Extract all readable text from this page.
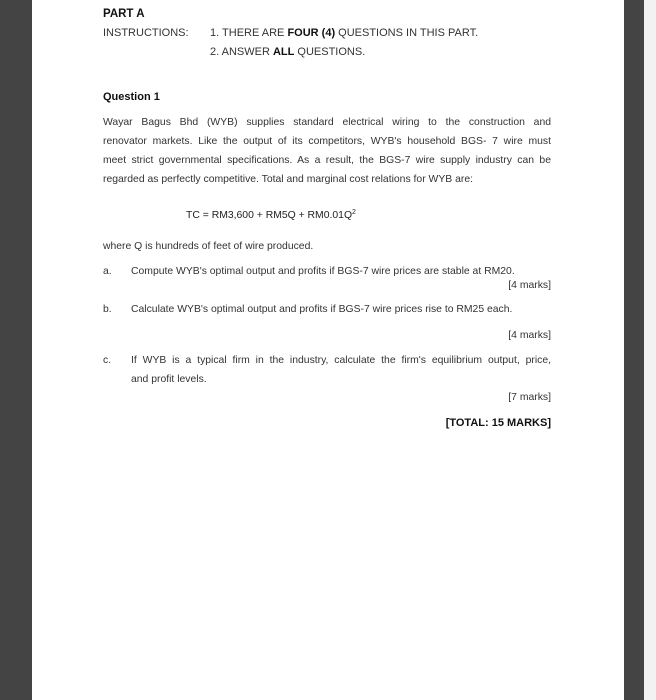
PART A
INSTRUCTIONS: 1. THERE ARE FOUR (4) QUESTIONS IN THIS PART.
2. ANSWER ALL QUESTIONS.
Question 1
Wayar Bagus Bhd (WYB) supplies standard electrical wiring to the construction and
renovator markets. Like the output of its competitors, WYB's household BGS- 7 wire must
meet strict governmental specifications. As a result, the BGS-7 wire supply industry can be
regarded as perfectly competitive. Total and marginal cost relations for WYB are:
TC = $RM3,600 + RM5Q + RM0.01Q^2$
where Q is hundreds of feet of wire produced.
a. Compute WYB's optimal output and profits if BGS-7 wire prices are stable at RM20.
[4 marks]
b. Calculate WYB's optimal output and profits if BGS-7 wire prices rise to RM25 each.
[4 marks]
c. If WYB is a typical firm in the industry, calculate the firm's equilibrium output, price,
and profit levels.
[7 marks]
[TOTAL: 15 MARKS]
